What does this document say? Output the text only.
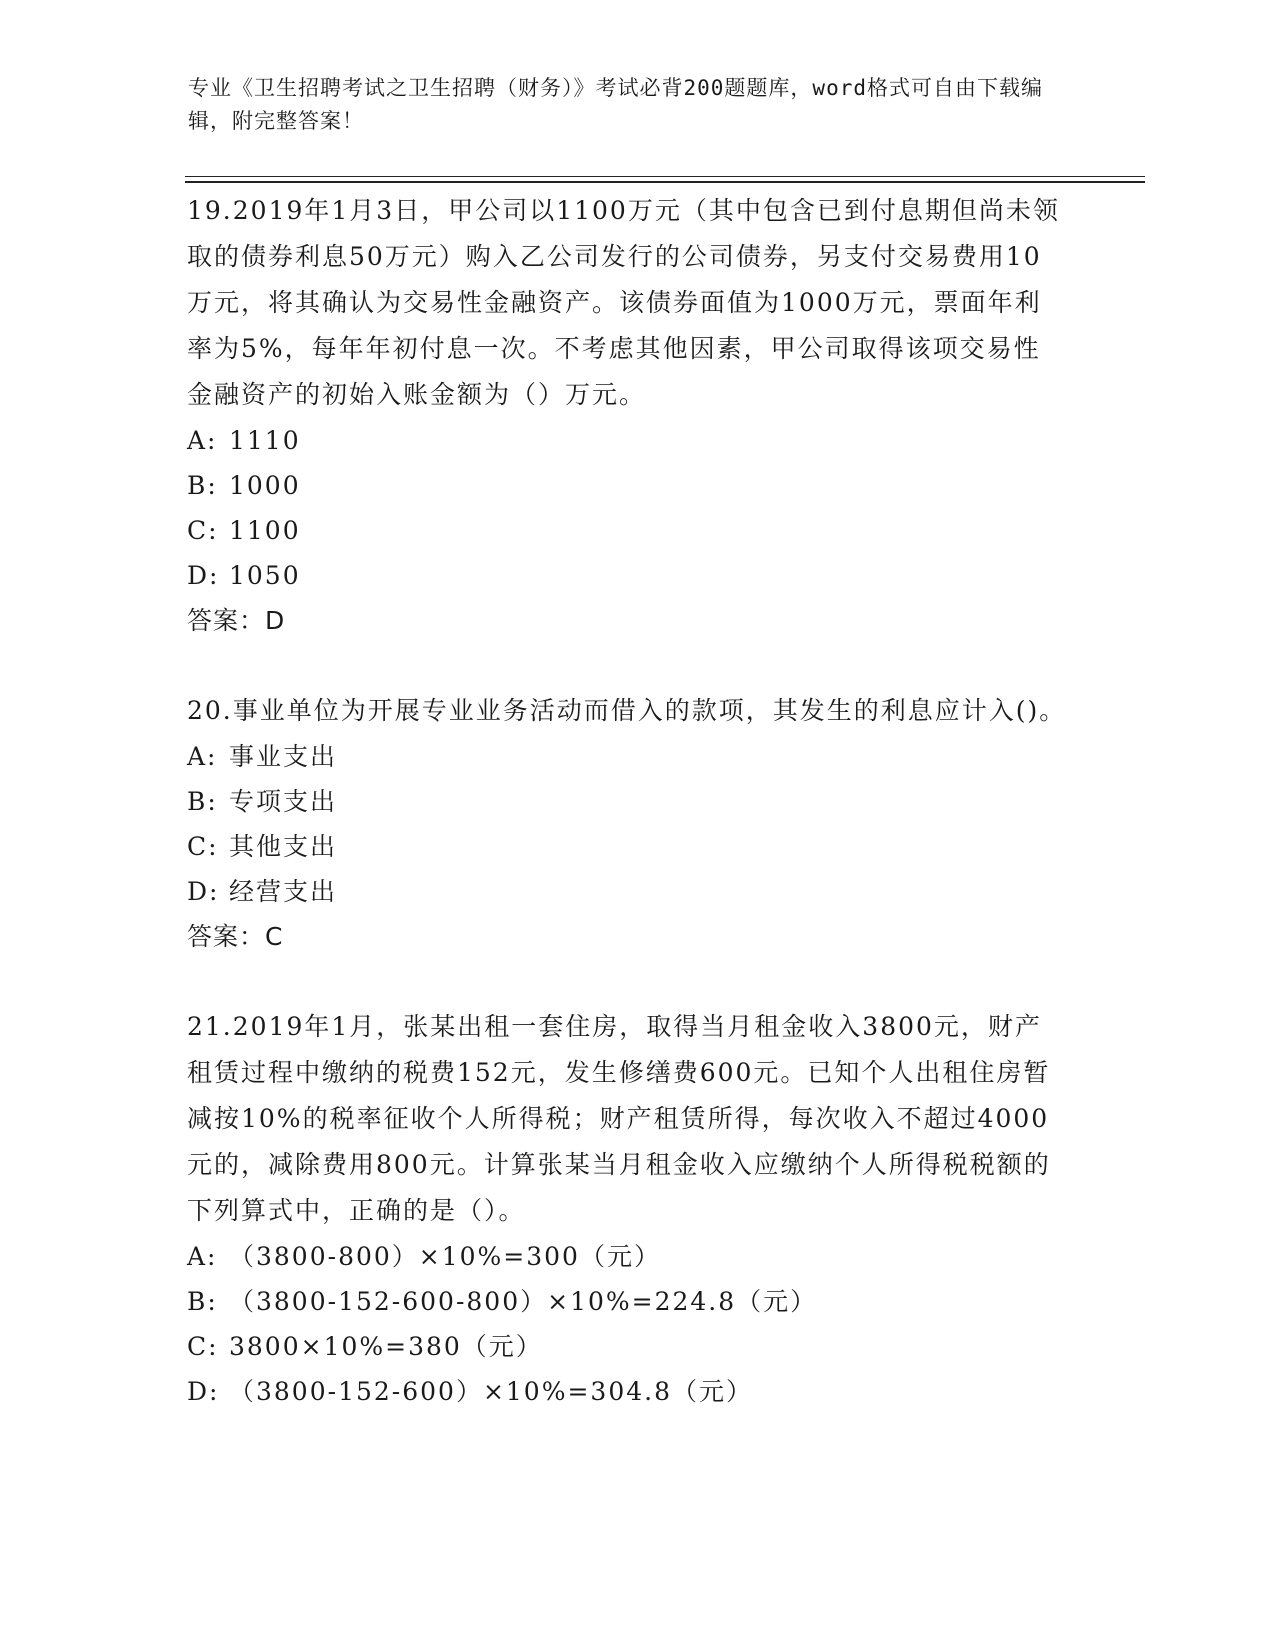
专业《卫生招聘考试之卫生招聘（财务）》考试必背200题题库，word格式可自由下载编辑，附完整答案！
19.2019年1月3日，甲公司以1100万元（其中包含已到付息期但尚未领取的债券利息50万元）购入乙公司发行的公司债券，另支付交易费用10万元，将其确认为交易性金融资产。该债券面值为1000万元，票面年利率为5%，每年年初付息一次。不考虑其他因素，甲公司取得该项交易性金融资产的初始入账金额为（）万元。
A: 1110
B: 1000
C: 1100
D: 1050
答案：D
20.事业单位为开展专业业务活动而借入的款项，其发生的利息应计入()。
A: 事业支出
B: 专项支出
C: 其他支出
D: 经营支出
答案：C
21.2019年1月，张某出租一套住房，取得当月租金收入3800元，财产租赁过程中缴纳的税费152元，发生修缮费600元。已知个人出租住房暂减按10%的税率征收个人所得税；财产租赁所得，每次收入不超过4000元的，减除费用800元。计算张某当月租金收入应缴纳个人所得税税额的下列算式中，正确的是（）。
A: （3800-800）×10%=300（元）
B: （3800-152-600-800）×10%=224.8（元）
C: 3800×10%=380（元）
D: （3800-152-600）×10%=304.8（元）
